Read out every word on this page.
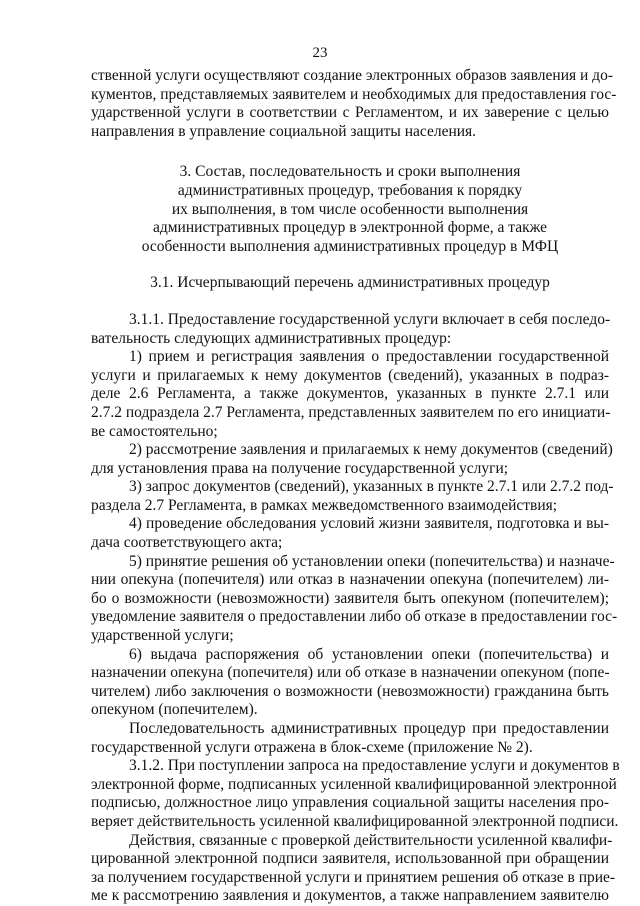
23
ственной услуги осуществляют создание электронных образов заявления и до-
кументов, представляемых заявителем и необходимых для предоставления гос-
ударственной услуги в соответствии с Регламентом, и их заверение с целью
направления в управление социальной защиты населения.
3. Состав, последовательность и сроки выполнения
административных процедур, требования к порядку
их выполнения, в том числе особенности выполнения
административных процедур в электронной форме, а также
особенности выполнения административных процедур в МФЦ
3.1. Исчерпывающий перечень административных процедур
3.1.1. Предоставление государственной услуги включает в себя последо-
вательность следующих административных процедур:
1) прием и регистрация заявления о предоставлении государственной
услуги и прилагаемых к нему документов (сведений), указанных в подраз-
деле 2.6 Регламента, а также документов, указанных в пункте 2.7.1 или
2.7.2 подраздела 2.7 Регламента, представленных заявителем по его инициати-
ве самостоятельно;
2) рассмотрение заявления и прилагаемых к нему документов (сведений)
для установления права на получение государственной услуги;
3) запрос документов (сведений), указанных в пункте 2.7.1 или 2.7.2 под-
раздела 2.7 Регламента, в рамках межведомственного взаимодействия;
4) проведение обследования условий жизни заявителя, подготовка и вы-
дача соответствующего акта;
5) принятие решения об установлении опеки (попечительства) и назначе-
нии опекуна (попечителя) или отказ в назначении опекуна (попечителем) ли-
бо о возможности (невозможности) заявителя быть опекуном (попечителем);
уведомление заявителя о предоставлении либо об отказе в предоставлении гос-
ударственной услуги;
6) выдача распоряжения об установлении опеки (попечительства) и
назначении опекуна (попечителя) или об отказе в назначении опекуном (попе-
чителем) либо заключения о возможности (невозможности) гражданина быть
опекуном (попечителем).
Последовательность административных процедур при предоставлении
государственной услуги отражена в блок-схеме (приложение № 2).
3.1.2. При поступлении запроса на предоставление услуги и документов в
электронной форме, подписанных усиленной квалифицированной электронной
подписью, должностное лицо управления социальной защиты населения про-
веряет действительность усиленной квалифицированной электронной подписи.
Действия, связанные с проверкой действительности усиленной квалифи-
цированной электронной подписи заявителя, использованной при обращении
за получением государственной услуги и принятием решения об отказе в прие-
ме к рассмотрению заявления и документов, а также направлением заявителю
